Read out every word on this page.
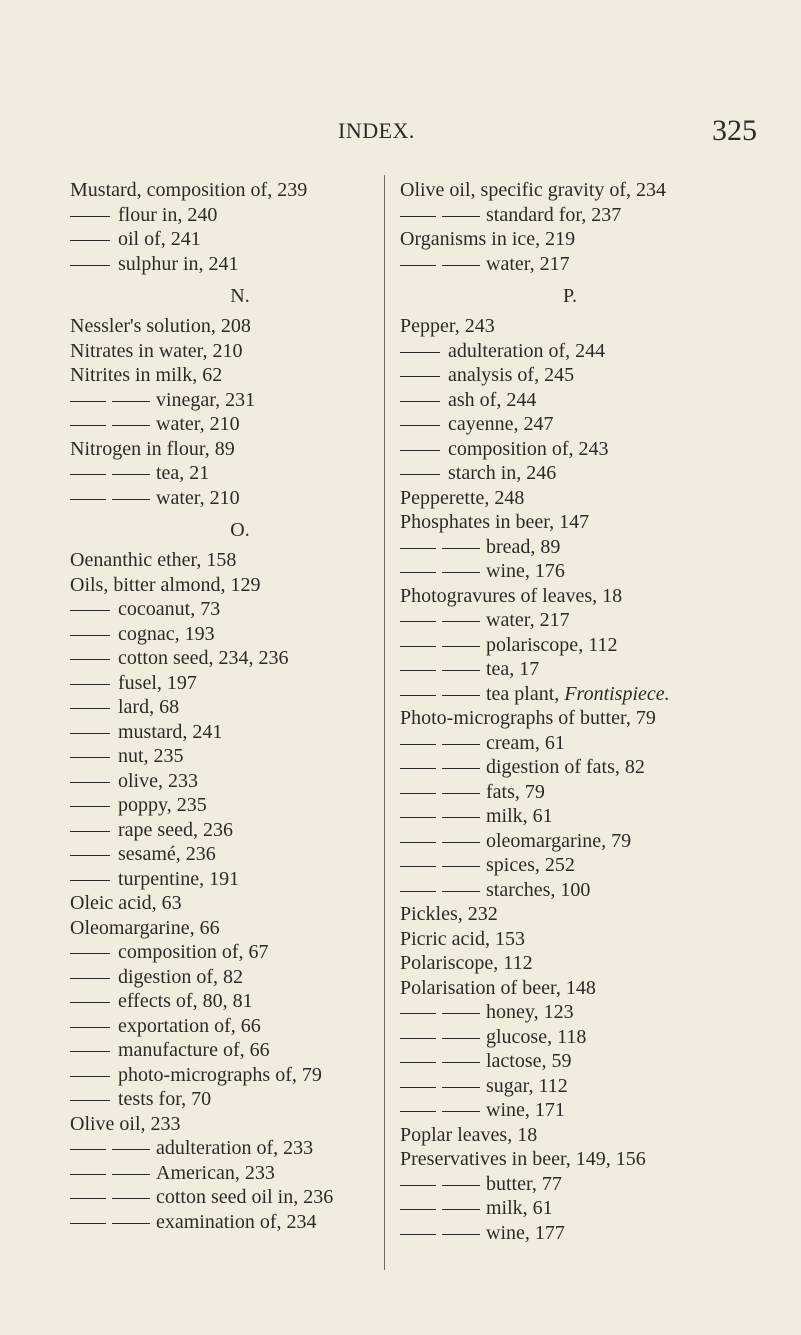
INDEX.	325
Mustard, composition of, 239
flour in, 240
oil of, 241
sulphur in, 241
N.
Nessler's solution, 208
Nitrates in water, 210
Nitrites in milk, 62
vinegar, 231
water, 210
Nitrogen in flour, 89
tea, 21
water, 210
O.
Oenanthic ether, 158
Oils, bitter almond, 129
cocoanut, 73
cognac, 193
cotton seed, 234, 236
fusel, 197
lard, 68
mustard, 241
nut, 235
olive, 233
poppy, 235
rape seed, 236
sesamé, 236
turpentine, 191
Oleic acid, 63
Oleomargarine, 66
composition of, 67
digestion of, 82
effects of, 80, 81
exportation of, 66
manufacture of, 66
photo-micrographs of, 79
tests for, 70
Olive oil, 233
adulteration of, 233
American, 233
cotton seed oil in, 236
examination of, 234
Olive oil, specific gravity of, 234
standard for, 237
Organisms in ice, 219
water, 217
P.
Pepper, 243
adulteration of, 244
analysis of, 245
ash of, 244
cayenne, 247
composition of, 243
starch in, 246
Pepperette, 248
Phosphates in beer, 147
bread, 89
wine, 176
Photogravures of leaves, 18
water, 217
polariscope, 112
tea, 17
tea plant, Frontispiece.
Photo-micrographs of butter, 79
cream, 61
digestion of fats, 82
fats, 79
milk, 61
oleomargarine, 79
spices, 252
starches, 100
Pickles, 232
Picric acid, 153
Polariscope, 112
Polarisation of beer, 148
honey, 123
glucose, 118
lactose, 59
sugar, 112
wine, 171
Poplar leaves, 18
Preservatives in beer, 149, 156
butter, 77
milk, 61
wine, 177
